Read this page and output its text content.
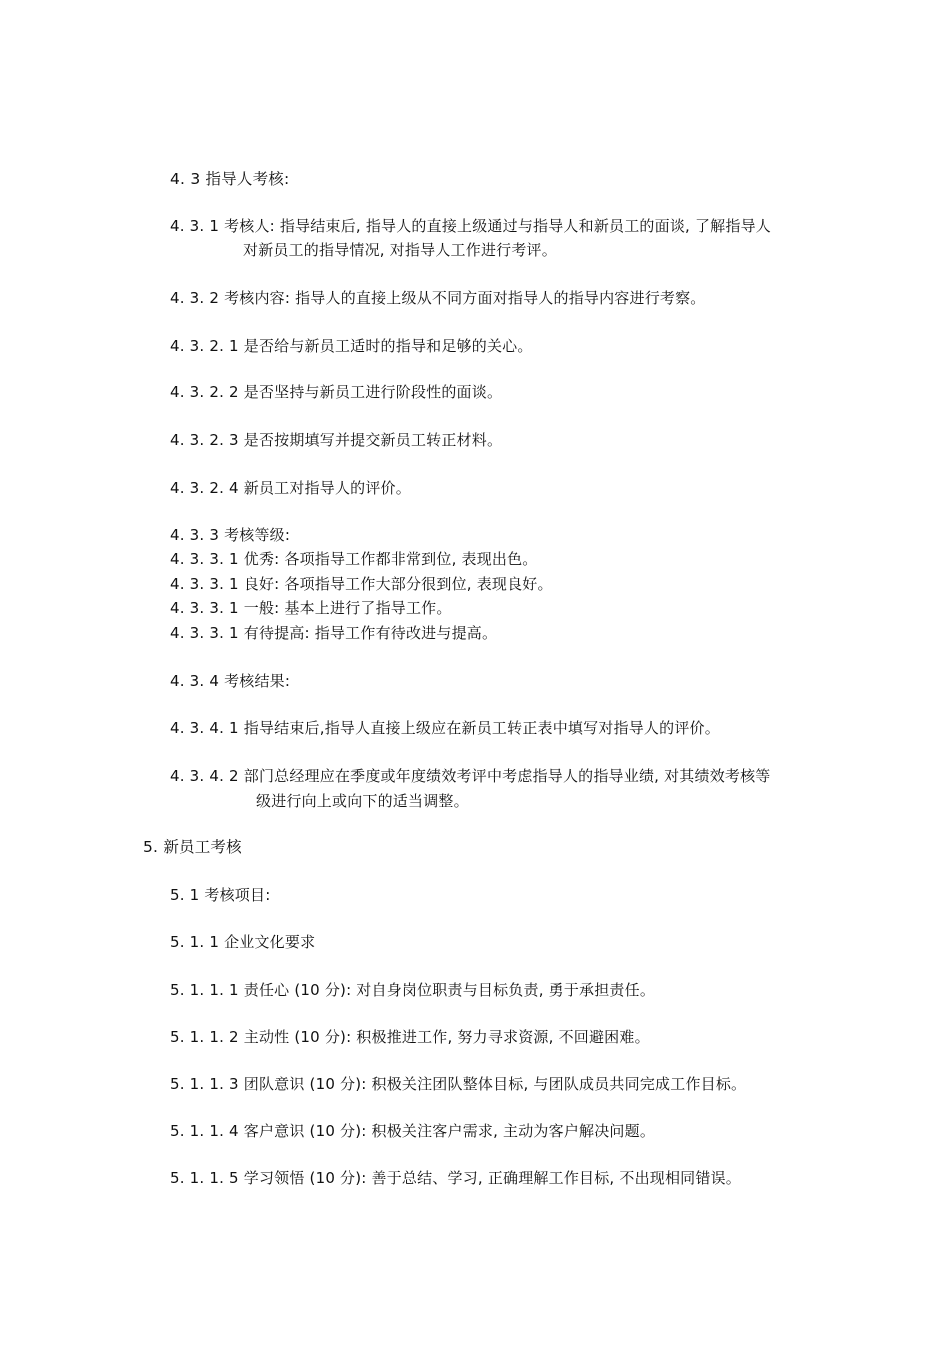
4. 3 指导人考核:
4. 3. 1 考核人: 指导结束后, 指导人的直接上级通过与指导人和新员工的面谈, 了解指导人
对新员工的指导情况, 对指导人工作进行考评。
4. 3. 2 考核内容: 指导人的直接上级从不同方面对指导人的指导内容进行考察。
4. 3. 2. 1 是否给与新员工适时的指导和足够的关心。
4. 3. 2. 2 是否坚持与新员工进行阶段性的面谈。
4. 3. 2. 3 是否按期填写并提交新员工转正材料。
4. 3. 2. 4 新员工对指导人的评价。
4. 3. 3 考核等级:
4. 3. 3. 1 优秀: 各项指导工作都非常到位, 表现出色。
4. 3. 3. 1 良好: 各项指导工作大部分很到位, 表现良好。
4. 3. 3. 1 一般: 基本上进行了指导工作。
4. 3. 3. 1 有待提高: 指导工作有待改进与提高。
4. 3. 4 考核结果:
4. 3. 4. 1 指导结束后,指导人直接上级应在新员工转正表中填写对指导人的评价。
4. 3. 4. 2 部门总经理应在季度或年度绩效考评中考虑指导人的指导业绩, 对其绩效考核等
级进行向上或向下的适当调整。
5. 新员工考核
5. 1 考核项目:
5. 1. 1 企业文化要求
5. 1. 1. 1 责任心 (10 分): 对自身岗位职责与目标负责, 勇于承担责任。
5. 1. 1. 2 主动性 (10 分): 积极推进工作, 努力寻求资源, 不回避困难。
5. 1. 1. 3 团队意识 (10 分): 积极关注团队整体目标, 与团队成员共同完成工作目标。
5. 1. 1. 4 客户意识 (10 分): 积极关注客户需求, 主动为客户解决问题。
5. 1. 1. 5 学习领悟 (10 分): 善于总结、学习, 正确理解工作目标, 不出现相同错误。
